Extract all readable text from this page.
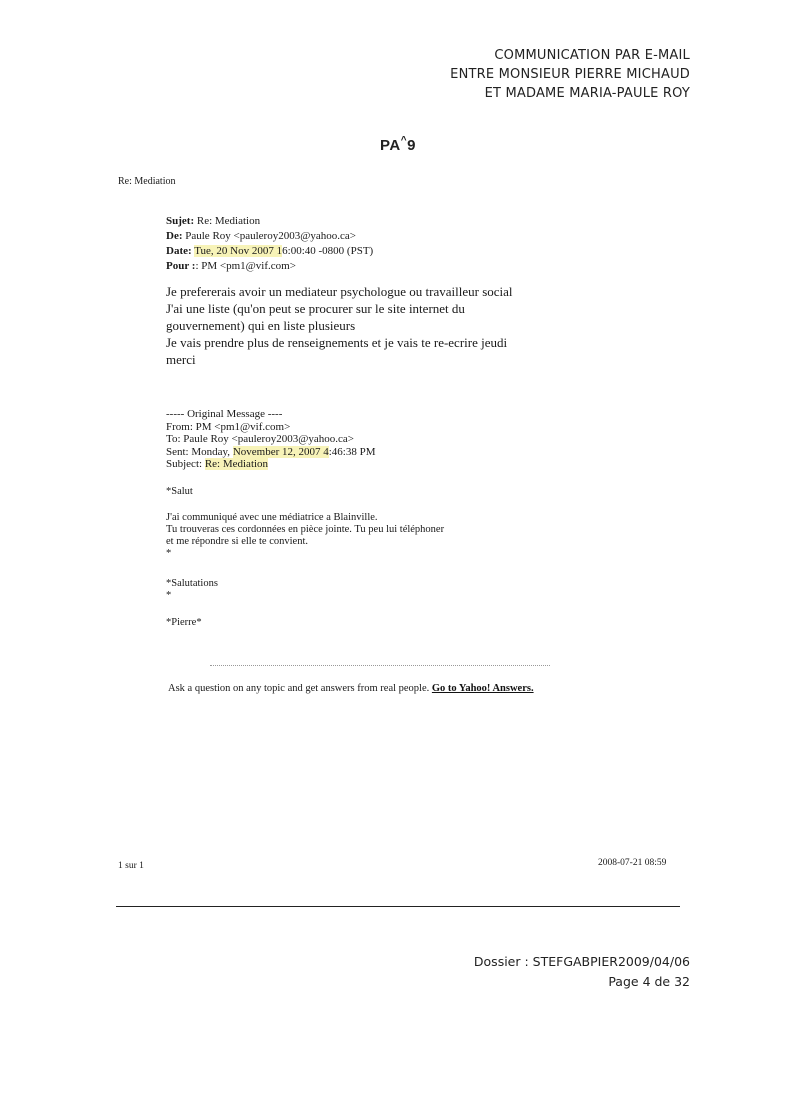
COMMUNICATION PAR E-MAIL
ENTRE MONSIEUR PIERRE MICHAUD
ET MADAME MARIA-PAULE ROY
PA^9
Re: Mediation
Sujet: Re: Mediation
De: Paule Roy <pauleroy2003@yahoo.ca>
Date: Tue, 20 Nov 2007 16:00:40 -0800 (PST)
Pour :: PM <pm1@vif.com>
Je prefererais avoir un mediateur psychologue ou travailleur social
J'ai une liste (qu'on peut se procurer sur le site internet du gouvernement) qui en liste plusieurs
Je vais prendre plus de renseignements et je vais te re-ecrire jeudi
merci
----- Original Message ----
From: PM <pm1@vif.com>
To: Paule Roy <pauleroy2003@yahoo.ca>
Sent: Monday, November 12, 2007 4:46:38 PM
Subject: Re: Mediation
*Salut
J'ai communiqué avec une médiatrice a Blainville.
Tu trouveras ces cordonnées en pièce jointe. Tu peu lui téléphoner
et me répondre si elle te convient.
*
*Salutations
*
*Pierre*
Ask a question on any topic and get answers from real people. Go to Yahoo! Answers.
1 sur 1	2008-07-21 08:59
Dossier : STEFGABPIER2009/04/06
Page 4 de 32
